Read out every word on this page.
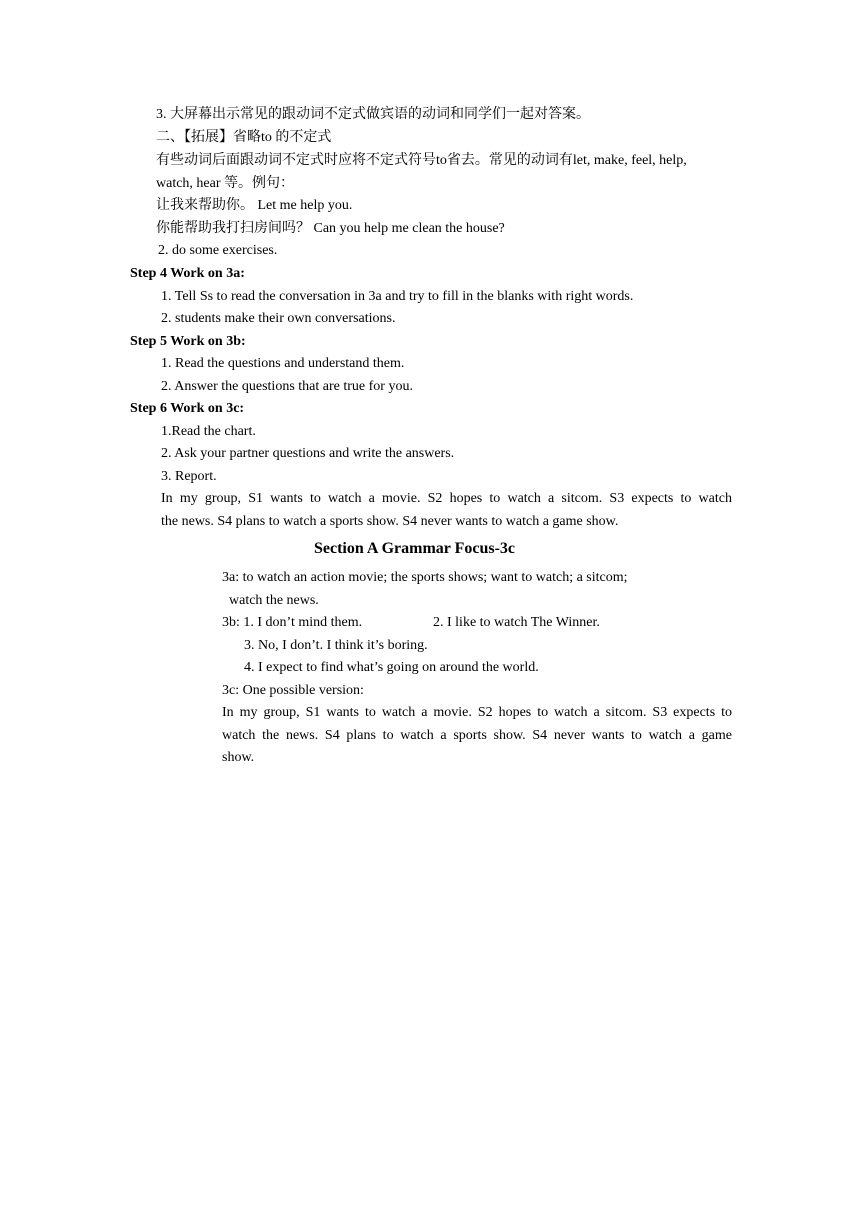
3. 大屏幕出示常见的跟动词不定式做宾语的动词和同学们一起对答案。
二、【拓展】省略to 的不定式
有些动词后面跟动词不定式时应将不定式符号to省去。常见的动词有let, make, feel, help,
watch, hear 等。例句：
让我来帮助你。 Let me help you.
你能帮助我打扫房间吗？ Can you help me clean the house?
2. do some exercises.
Step 4 Work on 3a:
1. Tell Ss to read the conversation in 3a and try to fill in the blanks with right words.
2. students make their own conversations.
Step 5 Work on 3b:
1. Read the questions and understand them.
2. Answer the questions that are true for you.
Step 6 Work on 3c:
1.Read the chart.
2. Ask your partner questions and write the answers.
3. Report.
In my group, S1 wants to watch a movie. S2 hopes to watch a sitcom. S3 expects to watch
the news. S4 plans to watch a sports show. S4 never wants to watch a game show.
Section A Grammar Focus-3c
3a: to watch an action movie; the sports shows; want to watch; a sitcom;
watch the news.
3b: 1. I don’t mind them.	2. I like to watch The Winner.
3. No, I don’t. I think it’s boring.
4. I expect to find what’s going on around the world.
3c: One possible version:
In my group, S1 wants to watch a movie. S2 hopes to watch a sitcom. S3 expects to
watch the news. S4 plans to watch a sports show. S4 never wants to watch a game
show.
